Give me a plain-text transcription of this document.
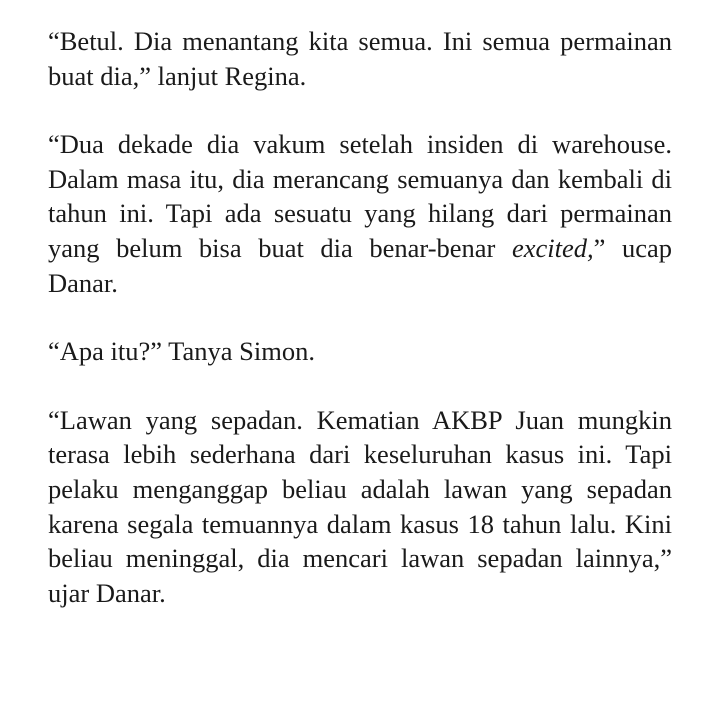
“Betul. Dia menantang kita semua. Ini semua permainan buat dia,” lanjut Regina.

“Dua dekade dia vakum setelah insiden di warehouse. Dalam masa itu, dia merancang semuanya dan kembali di tahun ini. Tapi ada sesuatu yang hilang dari permainan yang belum bisa buat dia benar-benar excited,” ucap Danar.

“Apa itu?” Tanya Simon.

“Lawan yang sepadan. Kematian AKBP Juan mungkin terasa lebih sederhana dari keseluruhan kasus ini. Tapi pelaku menganggap beliau adalah lawan yang sepadan karena segala temuannya dalam kasus 18 tahun lalu. Kini beliau meninggal, dia mencari lawan sepadan lainnya,” ujar Danar.
